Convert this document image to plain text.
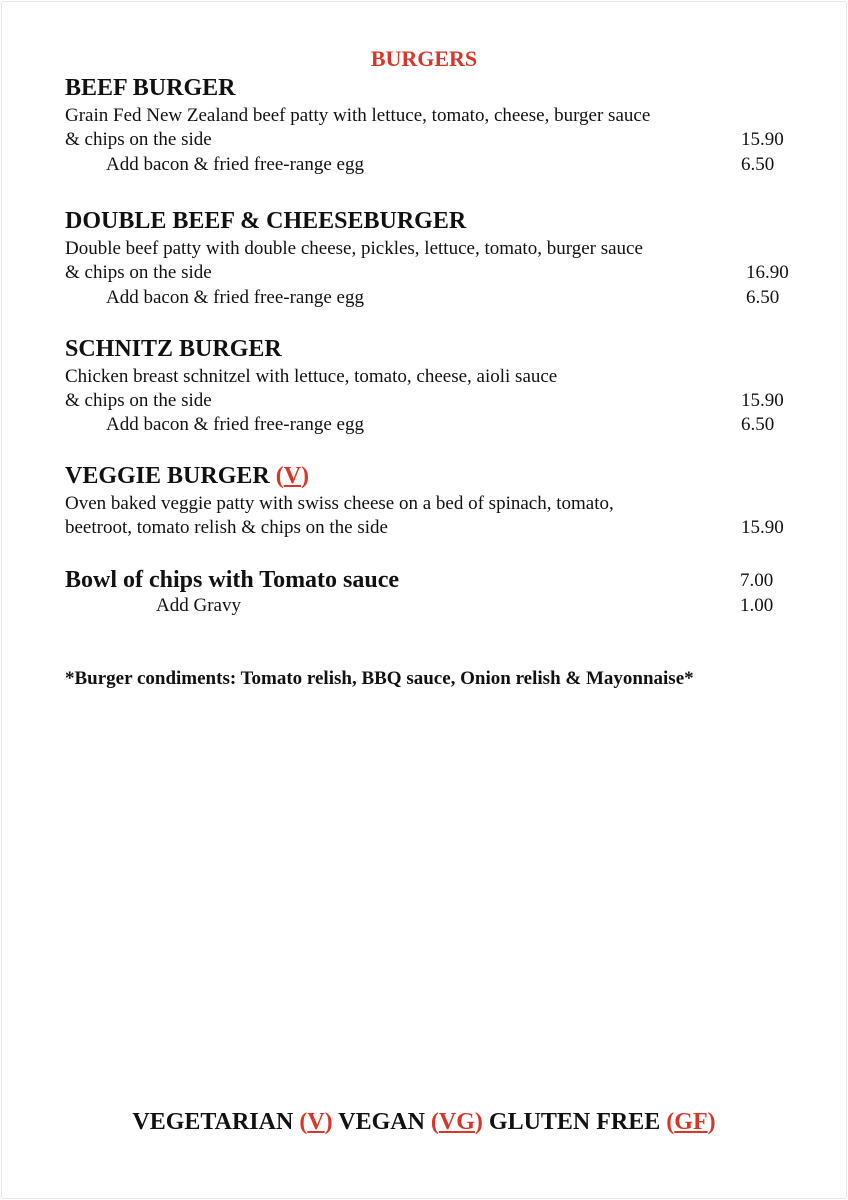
BURGERS
BEEF BURGER
Grain Fed New Zealand beef patty with lettuce, tomato, cheese, burger sauce
& chips on the side	15.90
Add bacon & fried free-range egg	6.50
DOUBLE BEEF & CHEESEBURGER
Double beef patty with double cheese, pickles, lettuce, tomato, burger sauce
& chips on the side	16.90
Add bacon & fried free-range egg	6.50
SCHNITZ BURGER
Chicken breast schnitzel with lettuce, tomato, cheese, aioli sauce
& chips on the side	15.90
Add bacon & fried free-range egg	6.50
VEGGIE BURGER (V)
Oven baked veggie patty with swiss cheese on a bed of spinach, tomato,
beetroot, tomato relish & chips on the side	15.90
Bowl of chips with Tomato sauce	7.00
Add Gravy	1.00
*Burger condiments: Tomato relish, BBQ sauce, Onion relish & Mayonnaise*
VEGETARIAN (V) VEGAN (VG) GLUTEN FREE (GF)
